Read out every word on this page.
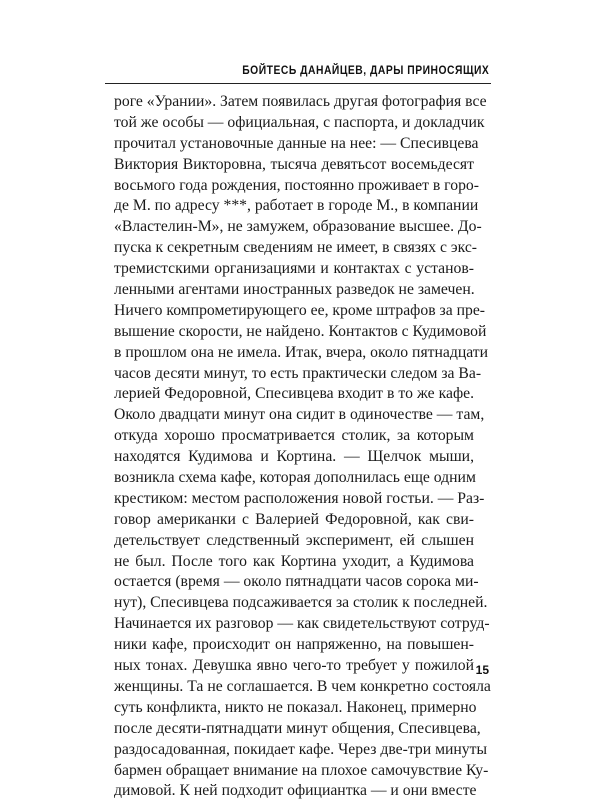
БОЙТЕСЬ ДАНАЙЦЕВ, ДАРЫ ПРИНОСЯЩИХ
роге «Урании». Затем появилась другая фотография все
той же особы — официальная, с паспорта, и докладчик
прочитал установочные данные на нее: — Спесивцева
Виктория Викторовна, тысяча девятьсот восемьдесят
восьмого года рождения, постоянно проживает в горо-
де М. по адресу ***, работает в городе М., в компании
«Властелин-М», не замужем, образование высшее. До-
пуска к секретным сведениям не имеет, в связях с экс-
тремистскими организациями и контактах с установ-
ленными агентами иностранных разведок не замечен.
Ничего компрометирующего ее, кроме штрафов за пре-
вышение скорости, не найдено. Контактов с Кудимовой
в прошлом она не имела. Итак, вчера, около пятнадцати
часов десяти минут, то есть практически следом за Ва-
лерией Федоровной, Спесивцева входит в то же кафе.
Около двадцати минут она сидит в одиночестве — там,
откуда хорошо просматривается столик, за которым
находятся Кудимова и Кортина. — Щелчок мыши,
возникла схема кафе, которая дополнилась еще одним
крестиком: местом расположения новой гостьи. — Раз-
говор американки с Валерией Федоровной, как сви-
детельствует следственный эксперимент, ей слышен
не был. После того как Кортина уходит, а Кудимова
остается (время — около пятнадцати часов сорока ми-
нут), Спесивцева подсаживается за столик к последней.
Начинается их разговор — как свидетельствуют сотруд-
ники кафе, происходит он напряженно, на повышен-
ных тонах. Девушка явно чего-то требует у пожилой
женщины. Та не соглашается. В чем конкретно состояла
суть конфликта, никто не показал. Наконец, примерно
после десяти-пятнадцати минут общения, Спесивцева,
раздосадованная, покидает кафе. Через две-три минуты
бармен обращает внимание на плохое самочувствие Ку-
димовой. К ней подходит официантка — и они вместе
15
